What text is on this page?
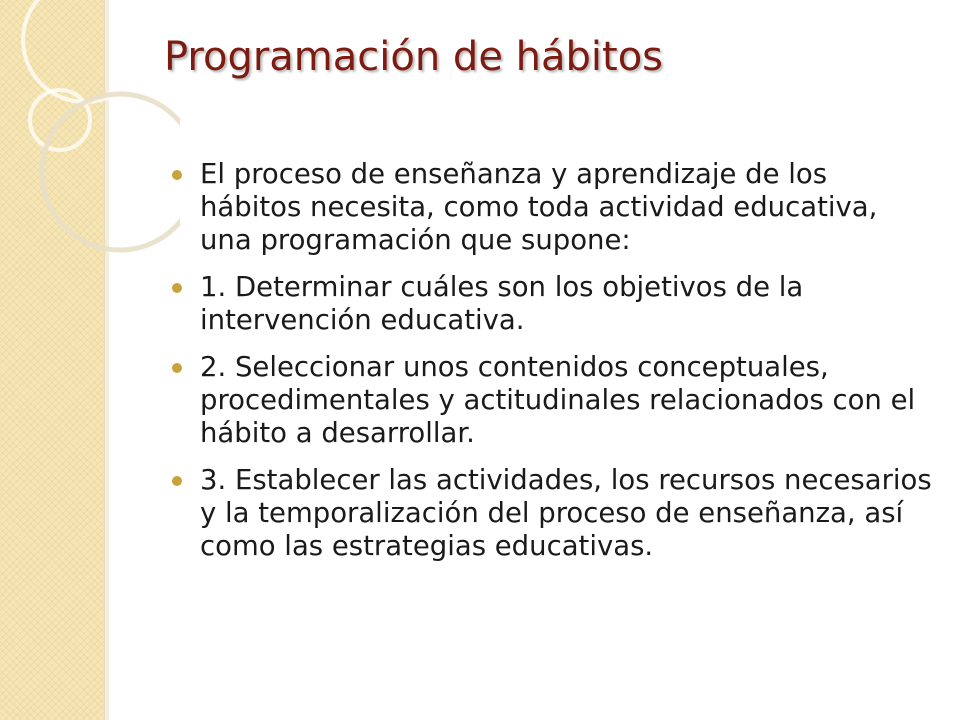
Programación de hábitos
El proceso de enseñanza y aprendizaje de los hábitos necesita, como toda actividad educativa, una programación que supone:
1. Determinar cuáles son los objetivos de la intervención educativa.
2. Seleccionar unos contenidos conceptuales, procedimentales y actitudinales relacionados con el hábito a desarrollar.
3. Establecer las actividades, los recursos necesarios y la temporalización del proceso de enseñanza, así como las estrategias educativas.
